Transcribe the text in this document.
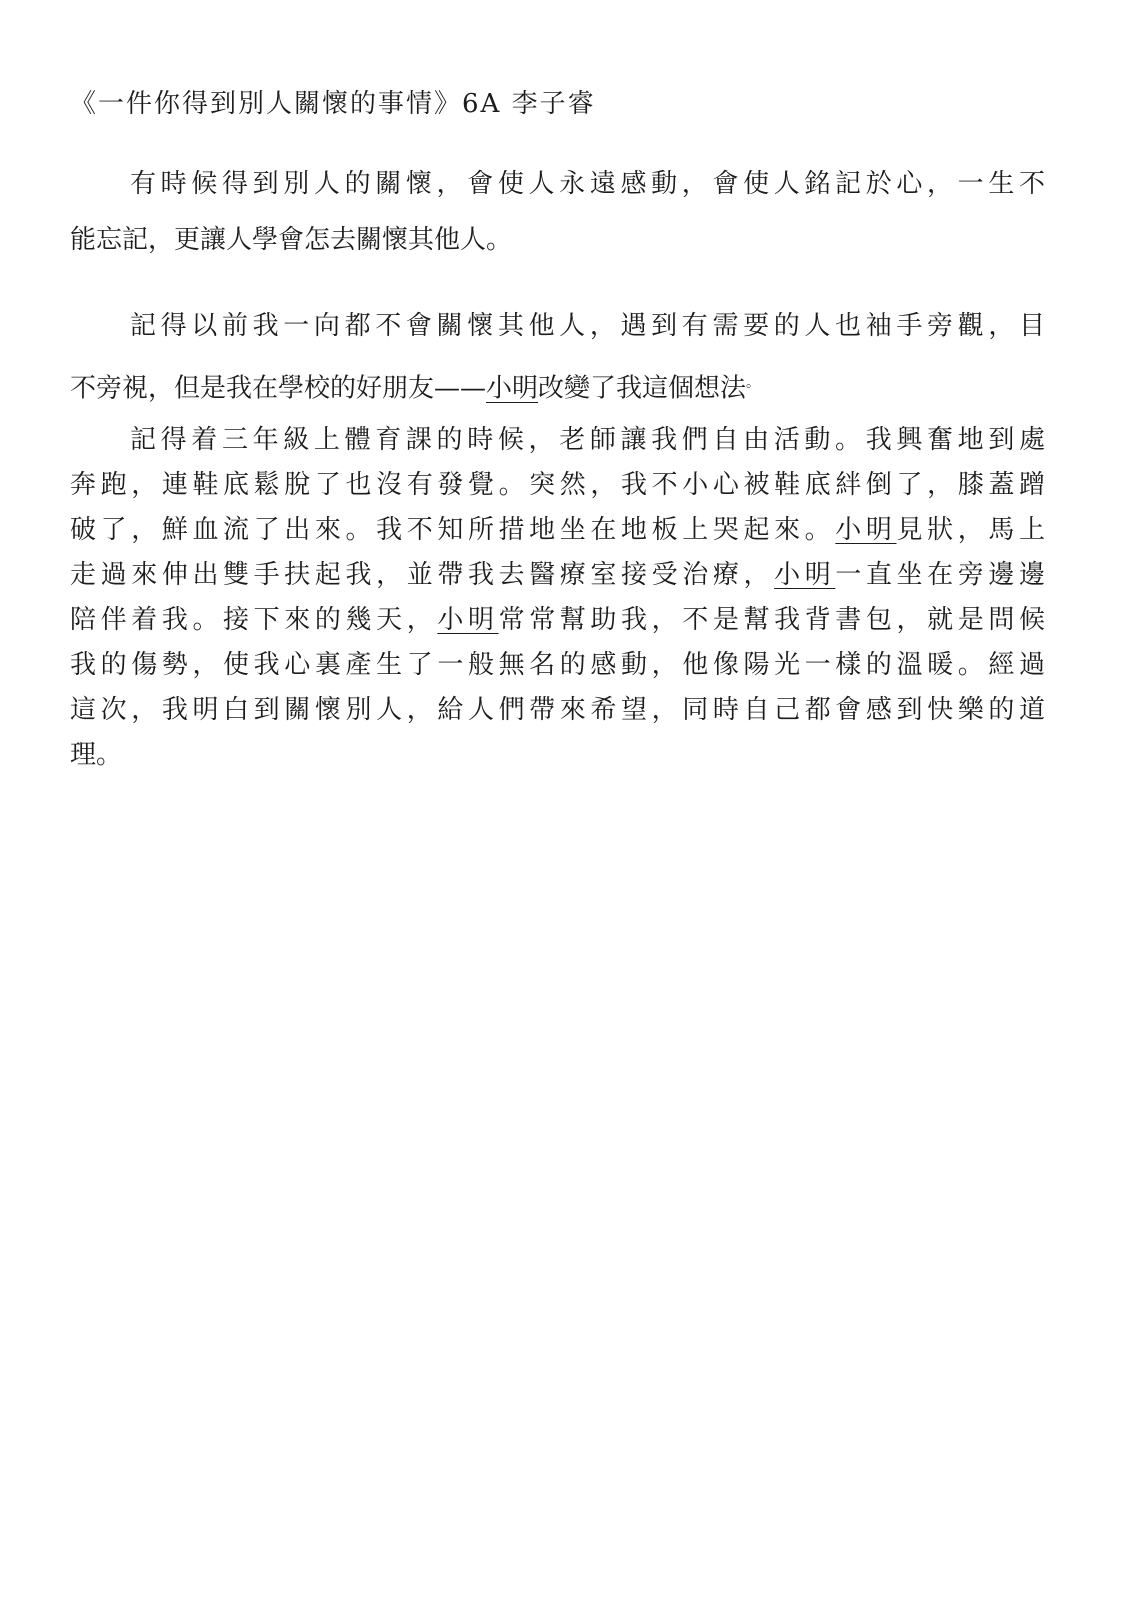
《一件你得到別人關懷的事情》6A 李子睿
有時候得到別人的關懷，會使人永遠感動，會使人銘記於心，一生不
能忘記，更讓人學會怎去關懷其他人。
記得以前我一向都不會關懷其他人，遇到有需要的人也袖手旁觀，目
不旁視，但是我在學校的好朋友——小明改變了我這個想法。
記得着三年級上體育課的時候，老師讓我們自由活動。我興奮地到處
奔跑，連鞋底鬆脫了也沒有發覺。突然，我不小心被鞋底絆倒了，膝蓋蹭
破了，鮮血流了出來。我不知所措地坐在地板上哭起來。小明見狀，馬上
走過來伸出雙手扶起我，並帶我去醫療室接受治療，小明一直坐在旁邊邊
陪伴着我。接下來的幾天，小明常常幫助我，不是幫我背書包，就是問候
我的傷勢，使我心裏產生了一般無名的感動，他像陽光一樣的溫暖。經過
這次，我明白到關懷別人，給人們帶來希望，同時自己都會感到快樂的道
理。
